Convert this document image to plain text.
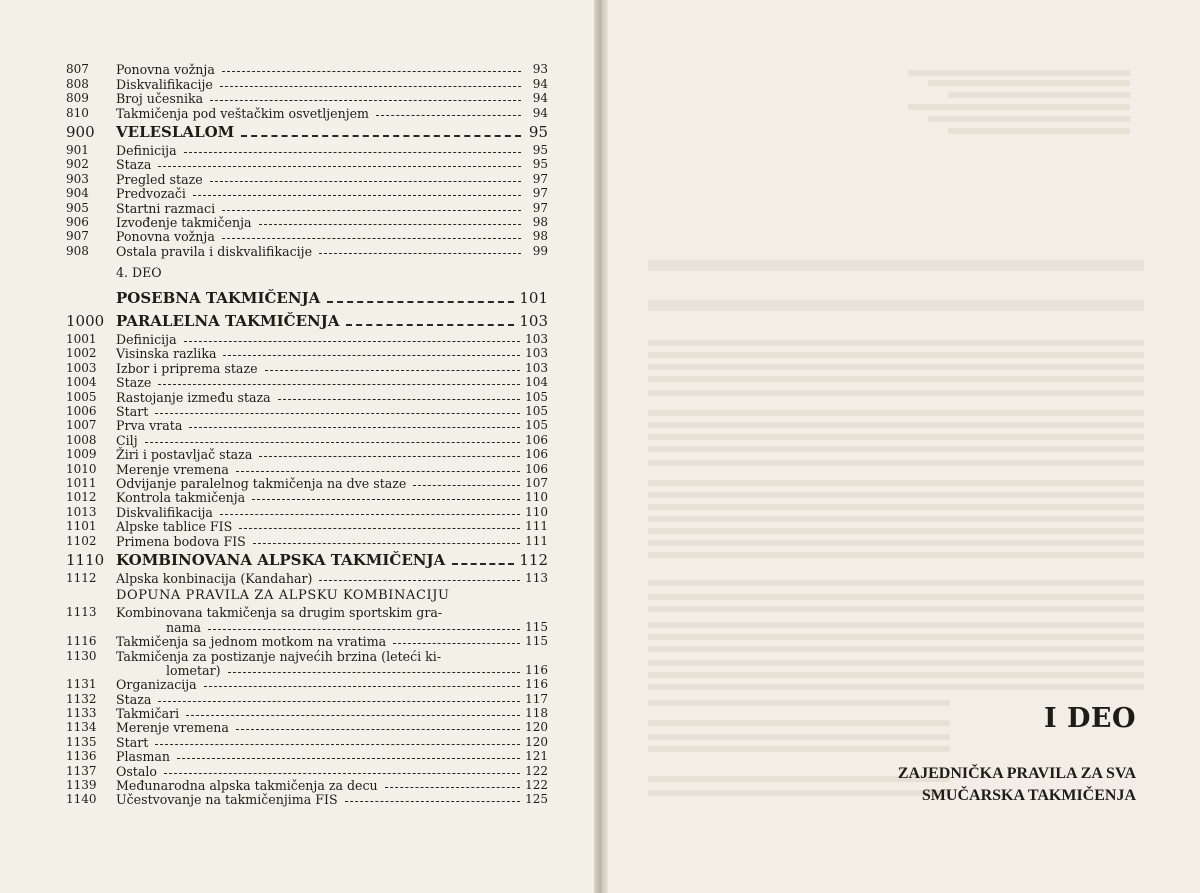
807	Ponovna vožnja	93
808	Diskvalifikacije	94
809	Broj učesnika	94
810	Takmičenja pod veštačkim osvetljenjem	94
900	VELESLALOM	95
901	Definicija	95
902	Staza	95
903	Pregled staze	97
904	Predvozači	97
905	Startni razmaci	97
906	Izvođenje takmičenja	98
907	Ponovna vožnja	98
908	Ostala pravila i diskvalifikacije	99
4. DEO
POSEBNA TAKMIČENJA	101
1000 PARALELNA TAKMIČENJA	103
1001	Definicija	103
1002	Visinska razlika	103
1003	Izbor i priprema staze	103
1004	Staze	104
1005	Rastojanje između staza	105
1006	Start	105
1007	Prva vrata	105
1008	Cilj	106
1009	Žiri i postavljač staza	106
1010	Merenje vremena	106
1011	Odvijanje paralelnog takmičenja na dve staze	107
1012	Kontrola takmičenja	110
1013	Diskvalifikacija	110
1101	Alpske tablice FIS	111
1102	Primena bodova FIS	111
1110 KOMBINOVANA ALPSKA TAKMIČENJA	112
1112	Alpska konbinacija (Kandahar)	113
DOPUNA PRAVILA ZA ALPSKU KOMBINACIJU
1113	Kombinovana takmičenja sa drugim sportskim gra-
nama	115
1116	Takmičenja sa jednom motkom na vratima	115
1130	Takmičenja za postizanje najvećih brzina (leteći ki-
lometar)	116
1131	Organizacija	116
1132	Staza	117
1133	Takmičari	118
1134	Merenje vremena	120
1135	Start	120
1136	Plasman	121
1137	Ostalo	122
1139	Međunarodna alpska takmičenja za decu	122
1140	Učestvovanje na takmičenjima FIS	125
I DEO
ZAJEDNIČKA PRAVILA ZA SVA
SMUČARSKA TAKMIČENJA
